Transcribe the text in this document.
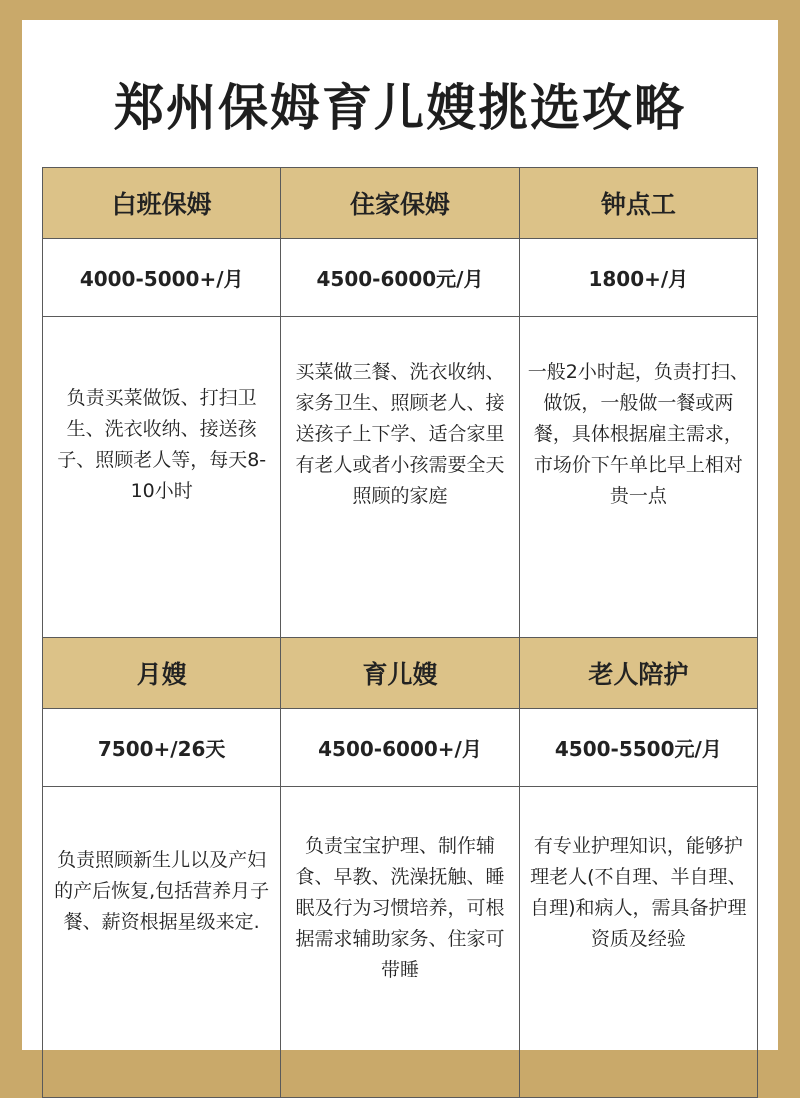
郑州保姆育儿嫂挑选攻略
白班保姆	住家保姆	钟点工
4000-5000+/月	4500-6000元/月	1800+/月
负责买菜做饭、打扫卫生、洗衣收纳、接送孩子、照顾老人等，每天8-10小时	买菜做三餐、洗衣收纳、家务卫生、照顾老人、接送孩子上下学、适合家里有老人或者小孩需要全天照顾的家庭	一般2小时起，负责打扫、做饭，一般做一餐或两餐，具体根据雇主需求，市场价下午单比早上相对贵一点
月嫂	育儿嫂	老人陪护
7500+/26天	4500-6000+/月	4500-5500元/月
负责照顾新生儿以及产妇的产后恢复,包括营养月子餐、薪资根据星级来定.	负责宝宝护理、制作辅食、早教、洗澡抚触、睡眠及行为习惯培养，可根据需求辅助家务、住家可带睡	有专业护理知识，能够护理老人(不自理、半自理、自理)和病人，需具备护理资质及经验
